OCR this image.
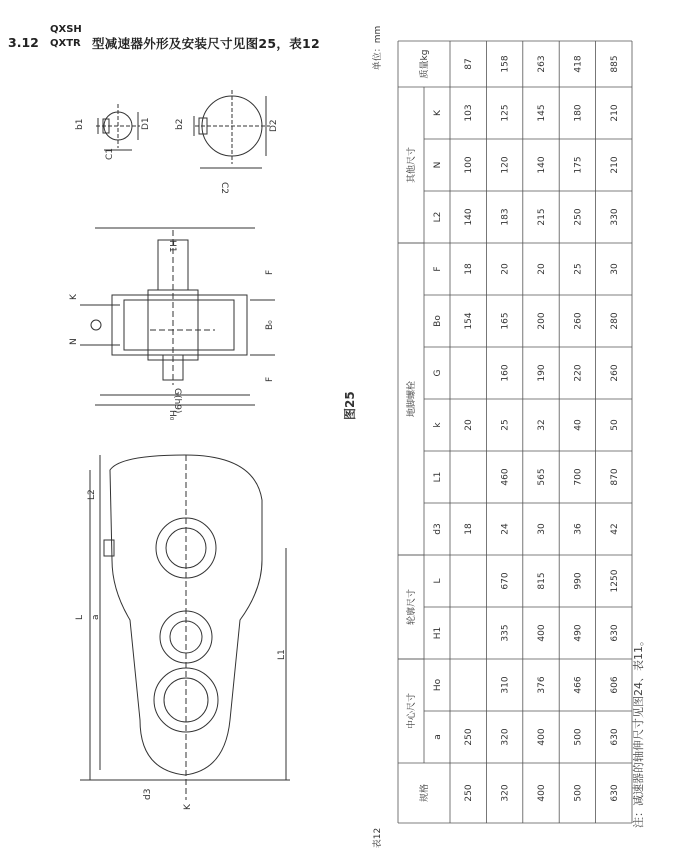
3.12
QXSH
QXTR 型减速器外形及安装尺寸见图25，表12
b1	D1
C1
b2	D2
C2
H1
K
N
F
B₀
F
G(h9)
H₀
L2
L a
L1
d3
K
图25
中心尺寸
轮廓尺寸
地脚螺栓
其他尺寸
规格
质量kg
a
Ho
H1
L
d3
L1
k
G
Bo
F
L2
N
K
250
250
18
20
154
18
140
100
103
87
320
320
310
335
670
24
460
25
160
165
20
183
120
125
158
400
400
376
400
815
30
565
32
190
200
20
215
140
145
263
500
500
466
490
990
36
700
40
220
260
25
250
175
180
418
630
630
606
630
1250
42
870
50
260
280
30
330
210
210
885
单位：mm
表12
注：减速器的轴伸尺寸见图24、表11。
